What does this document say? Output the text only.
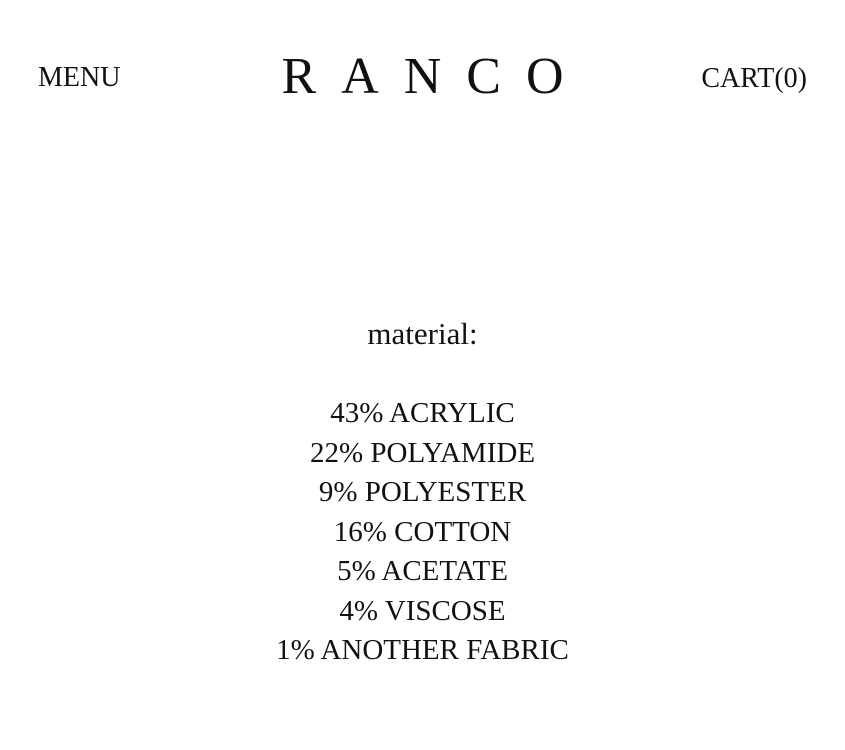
MENU	RANCO	CART(0)
material:
43% ACRYLIC
22% POLYAMIDE
9% POLYESTER
16% COTTON
5% ACETATE
4% VISCOSE
1% ANOTHER FABRIC
